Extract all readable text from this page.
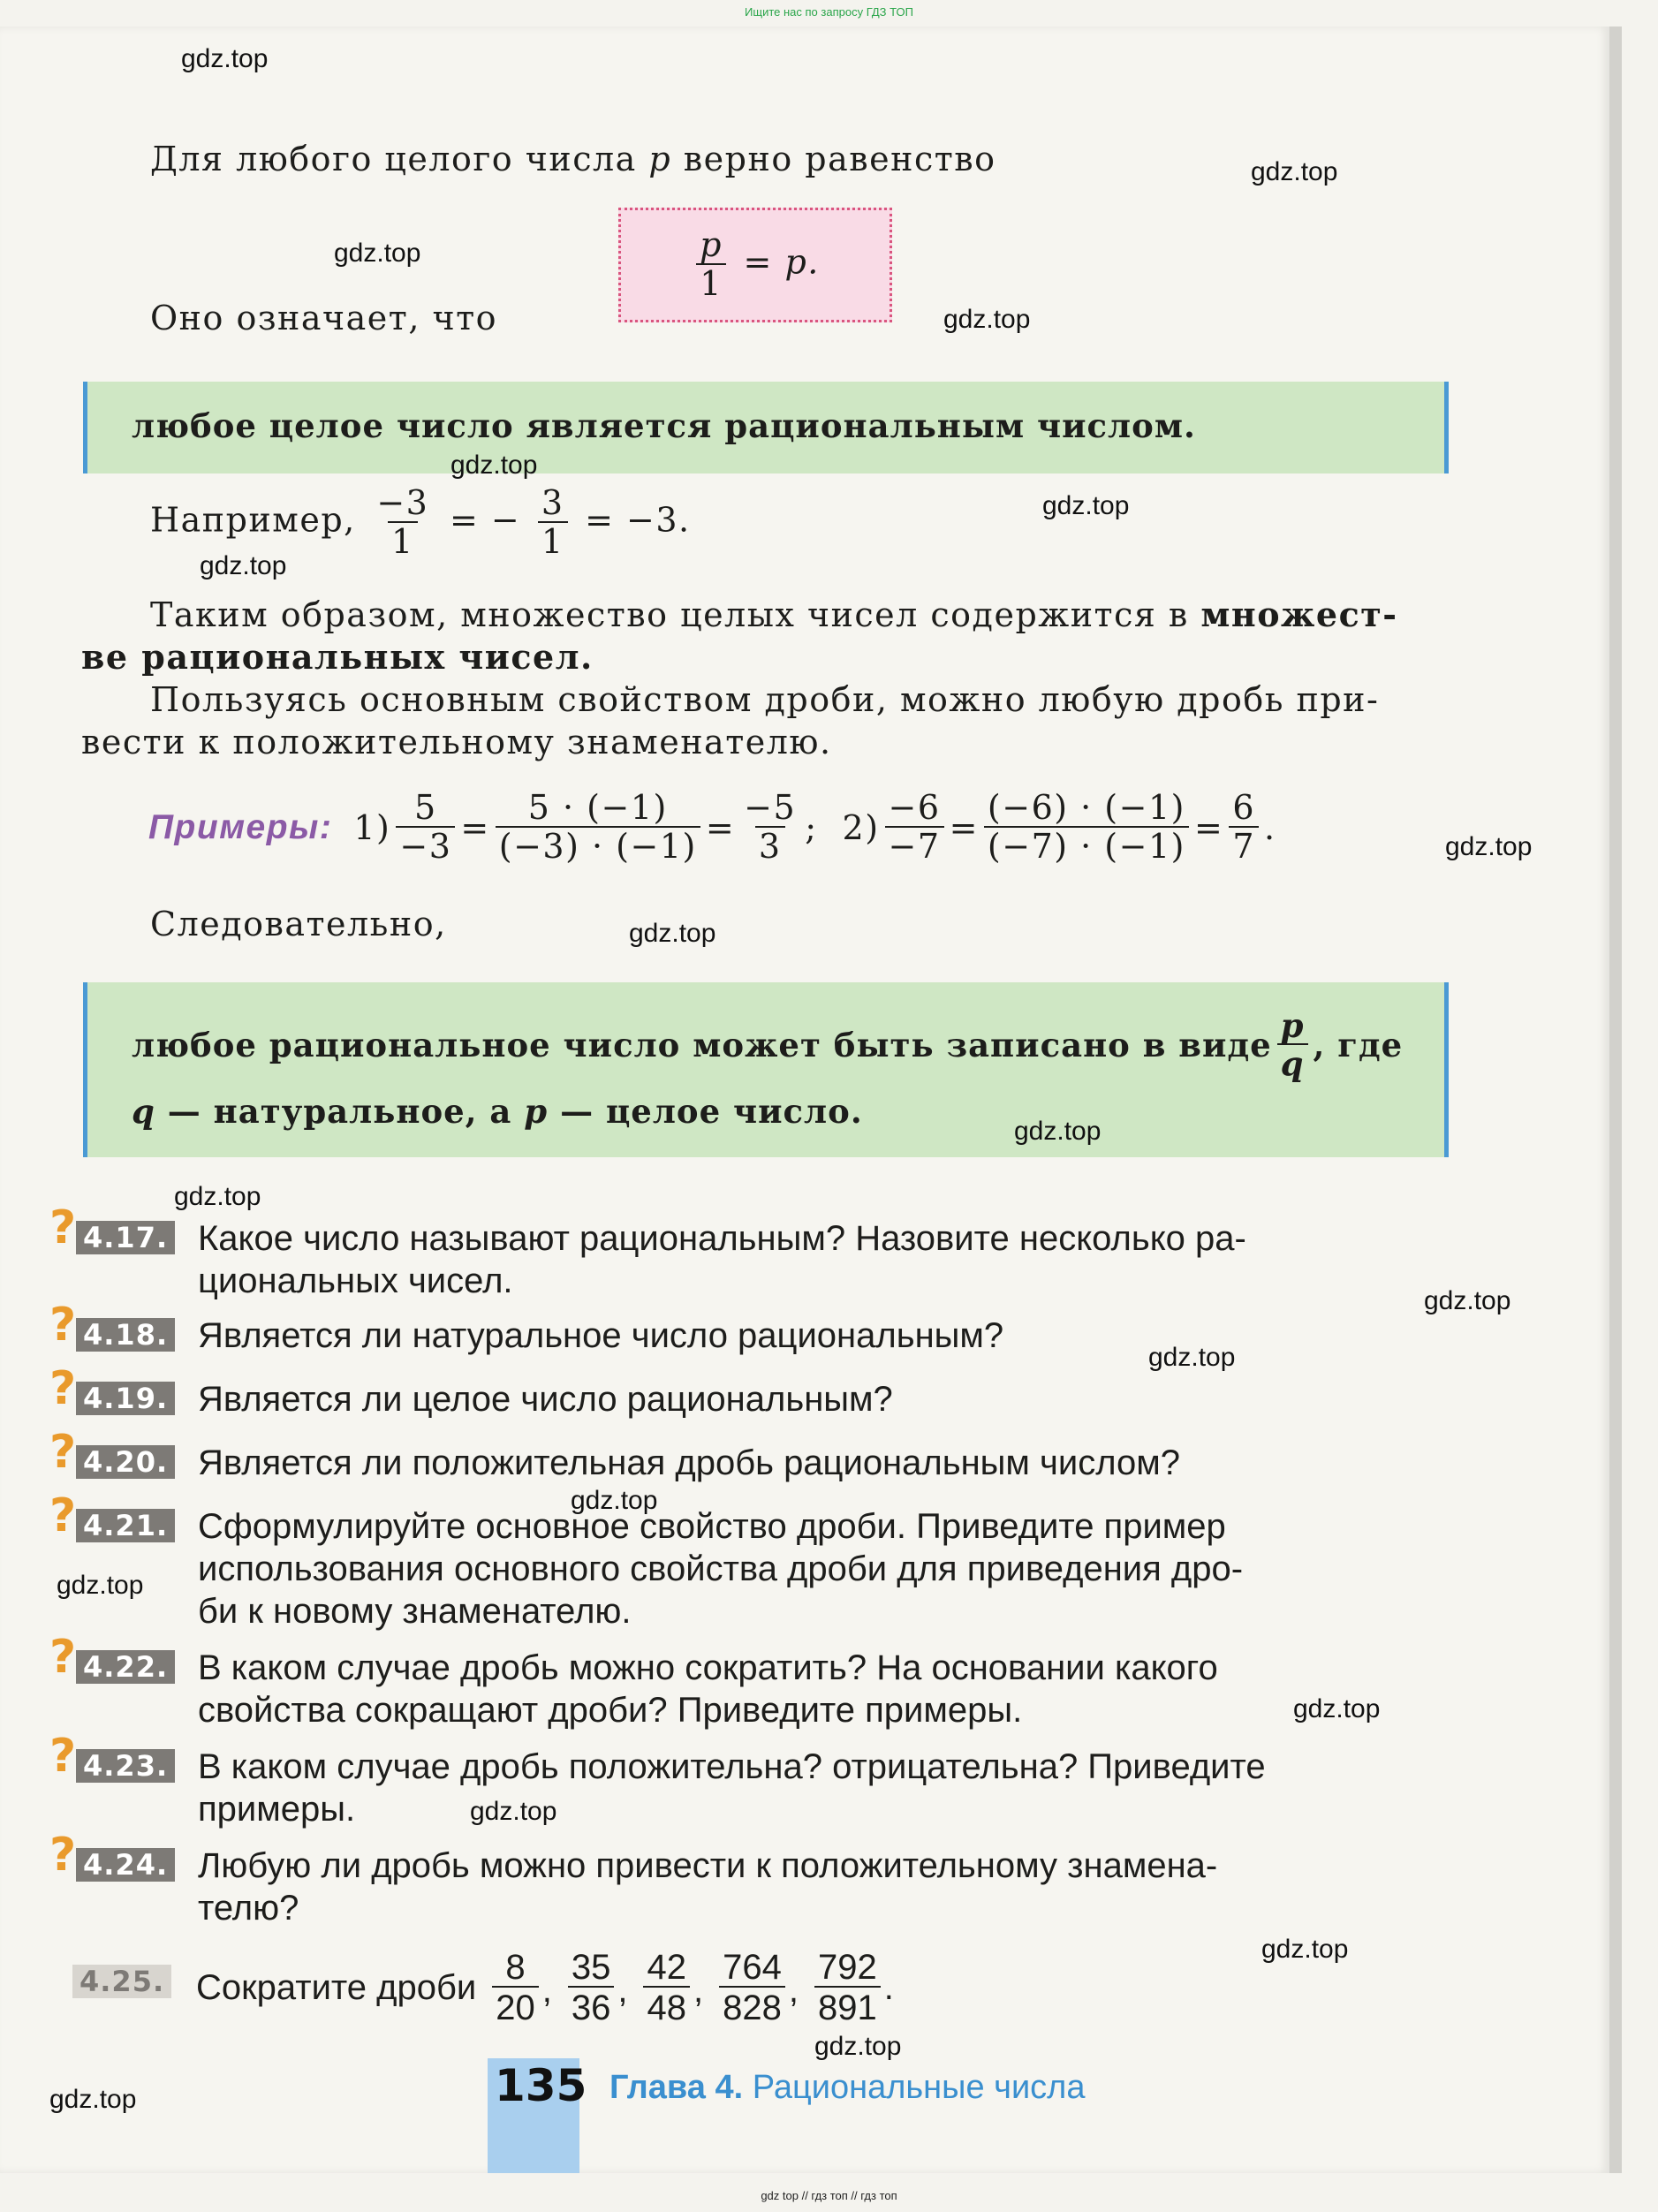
Ищите нас по запросу ГДЗ ТОП
Для любого целого числа p верно равенство
$\frac{p}{1} = p$.
Оно означает, что
любое целое число является рациональным числом.
Например, $\frac{-3}{1}$ = − $\frac{3}{1} = -3$.
Таким образом, множество целых чисел содержится в множест-
ве рациональных чисел.
Пользуясь основным свойством дроби, можно любую дробь при-
вести к положительному знаменателю.
Примеры: $1) \frac{5}{-3} = \frac{5 \cdot (-1)}{(-3) \cdot (-1)} = \frac{-5}{3}$ ; $2) \frac{-6}{-7} = \frac{(-6) \cdot (-1)}{(-7) \cdot (-1)} = \frac{6}{7}$ .
Следовательно,
любое рациональное число может быть записано в виде $\frac{p}{q}$ , где
q — натуральное, а p — целое число.
? 4.17. Какое число называют рациональным? Назовите несколько ра-
циональных чисел.
? 4.18. Является ли натуральное число рациональным?
? 4.19. Является ли целое число рациональным?
? 4.20. Является ли положительная дробь рациональным числом?
? 4.21. Сформулируйте основное свойство дроби. Приведите пример
использования основного свойства дроби для приведения дро-
би к новому знаменателю.
? 4.22. В каком случае дробь можно сократить? На основании какого
свойства сокращают дроби? Приведите примеры.
? 4.23. В каком случае дробь положительна? отрицательна? Приведите
примеры.
? 4.24. Любую ли дробь можно привести к положительному знамена-
телю?
4.25. Сократите дроби $\frac{8}{20}$ , $\frac{35}{36}$ , $\frac{42}{48}$ , $\frac{764}{828}$ , $\frac{792}{891}$ .
135 Глава 4. Рациональные числа
gdz.top
gdz.top
gdz.top
gdz.top
gdz.top
gdz.top
gdz.top
gdz.top
gdz.top
gdz.top
gdz.top
gdz.top
gdz.top
gdz.top
gdz.top
gdz.top
gdz.top
gdz.top
gdz.top
gdz.top
gdz top // гдз топ // гдз топ
